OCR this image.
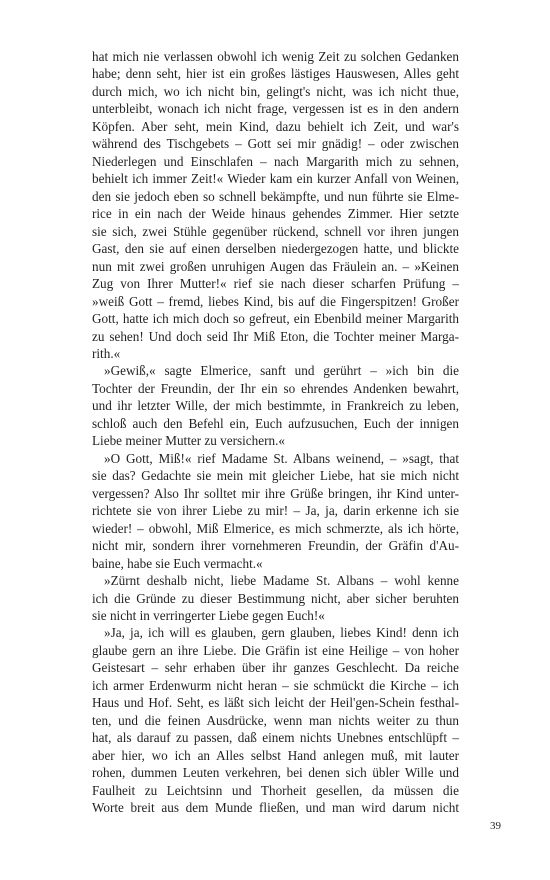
hat mich nie verlassen obwohl ich wenig Zeit zu solchen Gedanken
habe; denn seht, hier ist ein großes lästiges Hauswesen, Alles geht
durch mich, wo ich nicht bin, gelingt's nicht, was ich nicht thue,
unterbleibt, wonach ich nicht frage, vergessen ist es in den andern
Köpfen. Aber seht, mein Kind, dazu behielt ich Zeit, und war's
während des Tischgebets – Gott sei mir gnädig! – oder zwischen
Niederlegen und Einschlafen – nach Margarith mich zu sehnen,
behielt ich immer Zeit!« Wieder kam ein kurzer Anfall von Weinen,
den sie jedoch eben so schnell bekämpfte, und nun führte sie Elme-
rice in ein nach der Weide hinaus gehendes Zimmer. Hier setzte
sie sich, zwei Stühle gegenüber rückend, schnell vor ihren jungen
Gast, den sie auf einen derselben niedergezogen hatte, und blickte
nun mit zwei großen unruhigen Augen das Fräulein an. – »Keinen
Zug von Ihrer Mutter!« rief sie nach dieser scharfen Prüfung –
»weiß Gott – fremd, liebes Kind, bis auf die Fingerspitzen! Großer
Gott, hatte ich mich doch so gefreut, ein Ebenbild meiner Margarith
zu sehen! Und doch seid Ihr Miß Eton, die Tochter meiner Marga-
rith.«
»Gewiß,« sagte Elmerice, sanft und gerührt – »ich bin die
Tochter der Freundin, der Ihr ein so ehrendes Andenken bewahrt,
und ihr letzter Wille, der mich bestimmte, in Frankreich zu leben,
schloß auch den Befehl ein, Euch aufzusuchen, Euch der innigen
Liebe meiner Mutter zu versichern.«
»O Gott, Miß!« rief Madame St. Albans weinend, – »sagt, that
sie das? Gedachte sie mein mit gleicher Liebe, hat sie mich nicht
vergessen? Also Ihr solltet mir ihre Grüße bringen, ihr Kind unter-
richtete sie von ihrer Liebe zu mir! – Ja, ja, darin erkenne ich sie
wieder! – obwohl, Miß Elmerice, es mich schmerzte, als ich hörte,
nicht mir, sondern ihrer vornehmeren Freundin, der Gräfin d'Au-
baine, habe sie Euch vermacht.«
»Zürnt deshalb nicht, liebe Madame St. Albans – wohl kenne
ich die Gründe zu dieser Bestimmung nicht, aber sicher beruhten
sie nicht in verringerter Liebe gegen Euch!«
»Ja, ja, ich will es glauben, gern glauben, liebes Kind! denn ich
glaube gern an ihre Liebe. Die Gräfin ist eine Heilige – von hoher
Geistesart – sehr erhaben über ihr ganzes Geschlecht. Da reiche
ich armer Erdenwurm nicht heran – sie schmückt die Kirche – ich
Haus und Hof. Seht, es läßt sich leicht der Heil'gen-Schein festhal-
ten, und die feinen Ausdrücke, wenn man nichts weiter zu thun
hat, als darauf zu passen, daß einem nichts Unebnes entschlüpft –
aber hier, wo ich an Alles selbst Hand anlegen muß, mit lauter
rohen, dummen Leuten verkehren, bei denen sich übler Wille und
Faulheit zu Leichtsinn und Thorheit gesellen, da müssen die
Worte breit aus dem Munde fließen, und man wird darum nicht
39
